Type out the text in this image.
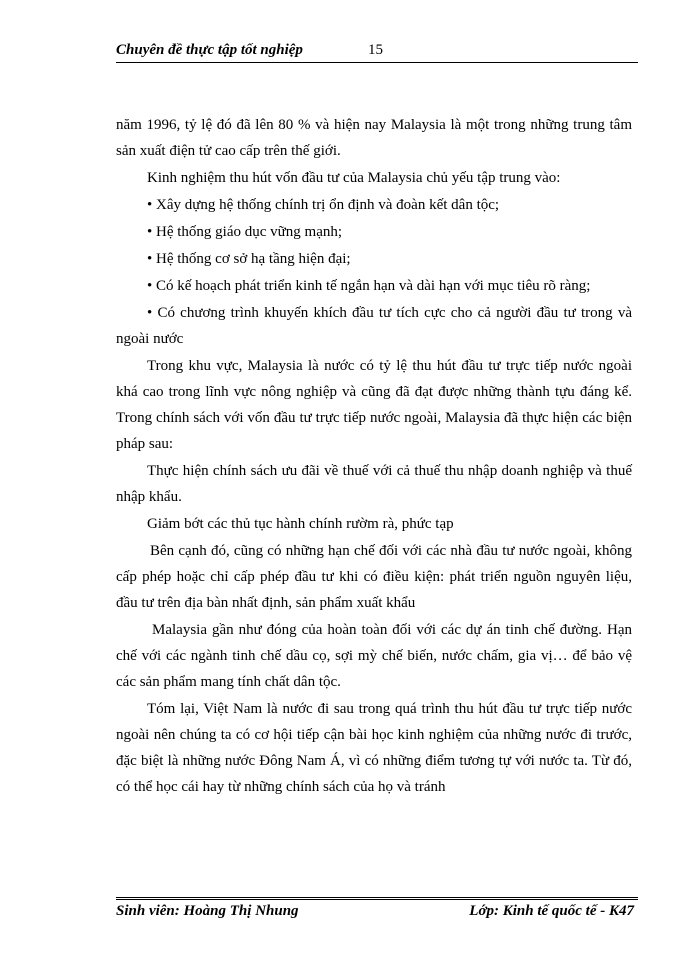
Chuyên đề thực tập tốt nghiệp	15

năm 1996, tỷ lệ đó đã lên 80 % và hiện nay Malaysia là một trong những trung tâm sản xuất điện tử cao cấp trên thế giới.

Kinh nghiệm thu hút vốn đầu tư của Malaysia chủ yếu tập trung vào:

• Xây dựng hệ thống chính trị ổn định và đoàn kết dân tộc;

• Hệ thống giáo dục vững mạnh;

• Hệ thống cơ sở hạ tầng hiện đại;

• Có kế hoạch phát triển kinh tế ngắn hạn và dài hạn với mục tiêu rõ ràng;

• Có chương trình khuyến khích đầu tư tích cực cho cả người đầu tư trong và ngoài nước

Trong khu vực, Malaysia là nước có tỷ lệ thu hút đầu tư trực tiếp nước ngoài khá cao trong lĩnh vực nông nghiệp và cũng đã đạt được những thành tựu đáng kể. Trong chính sách với vốn đầu tư trực tiếp nước ngoài, Malaysia đã thực hiện các biện pháp sau:

Thực hiện chính sách ưu đãi về thuế với cả thuế thu nhập doanh nghiệp và thuế nhập khẩu.

Giảm bớt các thủ tục hành chính rườm rà, phức tạp

Bên cạnh đó, cũng có những hạn chế đối với các nhà đầu tư nước ngoài, không cấp phép hoặc chỉ cấp phép đầu tư khi có điều kiện: phát triển nguồn nguyên liệu, đầu tư trên địa bàn nhất định, sản phẩm xuất khẩu

Malaysia gần như đóng của hoàn toàn đối với các dự án tinh chế đường. Hạn chế với các ngành tinh chế dầu cọ, sợi mỳ chế biến, nước chấm, gia vị… để bảo vệ các sản phẩm mang tính chất dân tộc.

Tóm lại, Việt Nam là nước đi sau trong quá trình thu hút đầu tư trực tiếp nước ngoài nên chúng ta có cơ hội tiếp cận bài học kinh nghiệm của những nước đi trước, đặc biệt là những nước Đông Nam Á, vì có những điểm tương tự với nước ta. Từ đó, có thể học cái hay từ những chính sách của họ và tránh

Sinh viên: Hoàng Thị Nhung	Lớp: Kinh tế quốc tế - K47
